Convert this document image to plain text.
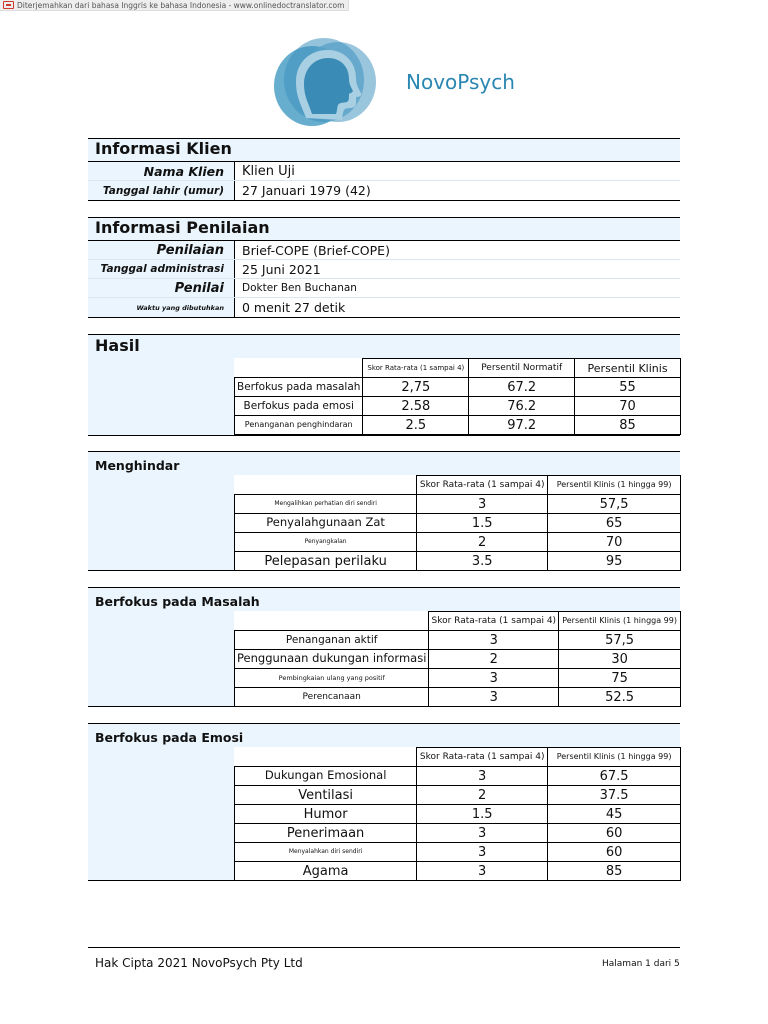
Diterjemahkan dari bahasa Inggris ke bahasa Indonesia - www.onlinedoctranslator.com
NovoPsych
Informasi Klien
Nama Klien	Klien Uji
Tanggal lahir (umur)	27 Januari 1979 (42)
Informasi Penilaian
Penilaian	Brief-COPE (Brief-COPE)
Tanggal administrasi	25 Juni 2021
Penilai	Dokter Ben Buchanan
Waktu yang dibutuhkan	0 menit 27 detik
Hasil
	Skor Rata-rata (1 sampai 4)	Persentil Normatif	Persentil Klinis
Berfokus pada masalah	2,75	67.2	55
Berfokus pada emosi	2.58	76.2	70
Penanganan penghindaran	2.5	97.2	85
Menghindar
	Skor Rata-rata (1 sampai 4)	Persentil Klinis (1 hingga 99)
Mengalihkan perhatian diri sendiri	3	57,5
Penyalahgunaan Zat	1.5	65
Penyangkalan	2	70
Pelepasan perilaku	3.5	95
Berfokus pada Masalah
	Skor Rata-rata (1 sampai 4)	Persentil Klinis (1 hingga 99)
Penanganan aktif	3	57,5
Penggunaan dukungan informasi	2	30
Pembingkaian ulang yang positif	3	75
Perencanaan	3	52.5
Berfokus pada Emosi
	Skor Rata-rata (1 sampai 4)	Persentil Klinis (1 hingga 99)
Dukungan Emosional	3	67.5
Ventilasi	2	37.5
Humor	1.5	45
Penerimaan	3	60
Menyalahkan diri sendiri	3	60
Agama	3	85
Hak Cipta 2021 NovoPsych Pty Ltd	Halaman 1 dari 5
